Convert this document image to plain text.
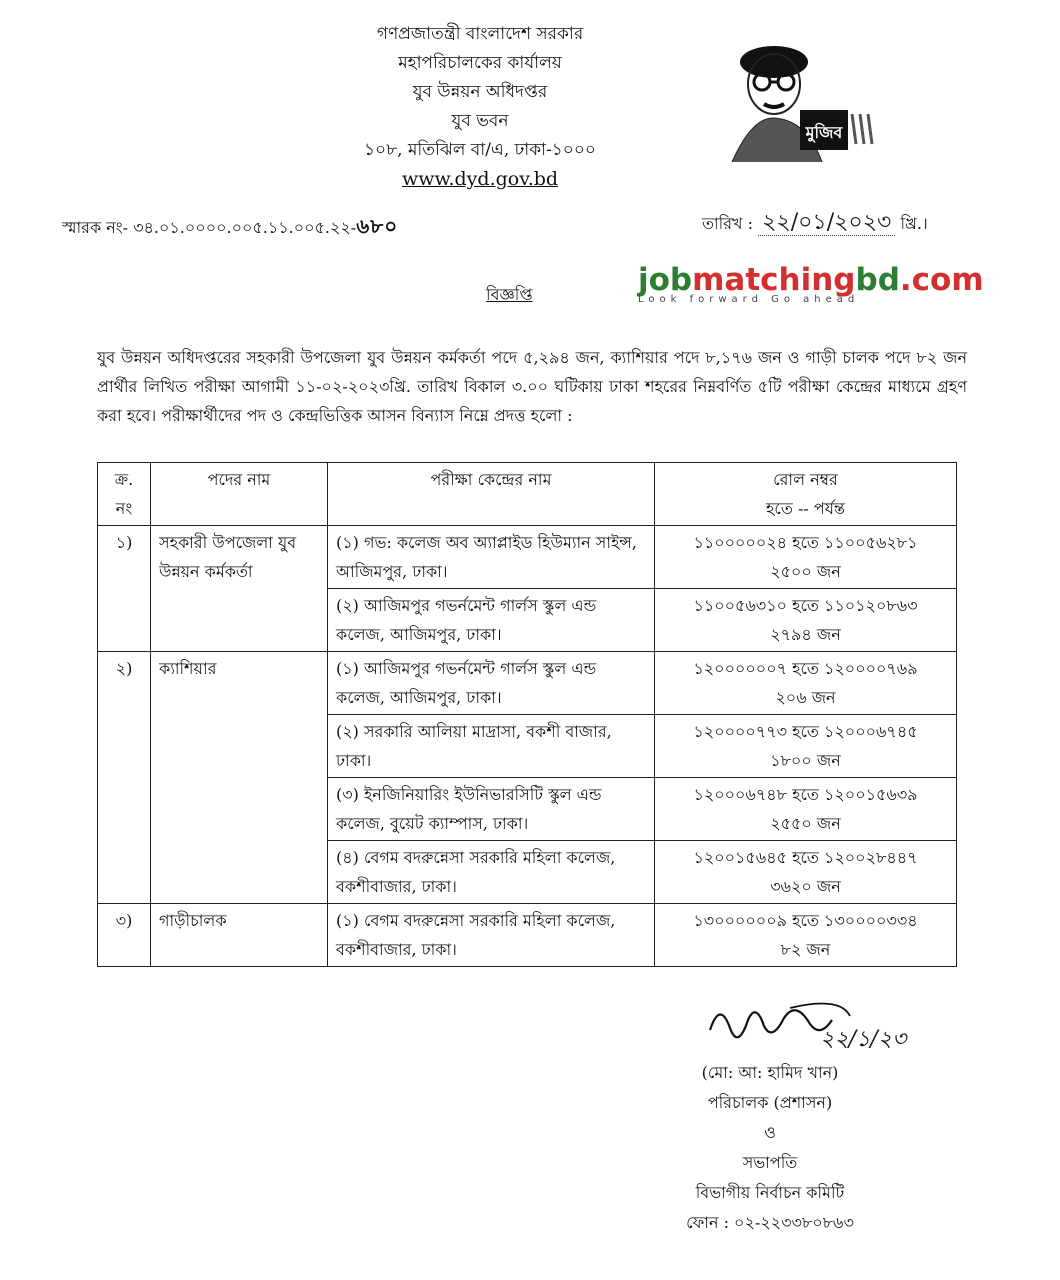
গণপ্রজাতন্ত্রী বাংলাদেশ সরকার
মহাপরিচালকের কার্যালয়
যুব উন্নয়ন অধিদপ্তর
যুব ভবন
১০৮, মতিঝিল বা/এ, ঢাকা-১০০০
www.dyd.gov.bd
মুজিব
স্মারক নং- ৩৪.০১.০০০০.০০৫.১১.০০৫.২২-৬৮০	তারিখ : ২২/০১/২০২৩ খ্রি.।
jobmatchingbd.com
Look forward Go ahead
বিজ্ঞপ্তি
যুব উন্নয়ন অধিদপ্তরের সহকারী উপজেলা যুব উন্নয়ন কর্মকর্তা পদে ৫,২৯৪ জন, ক্যাশিয়ার পদে ৮,১৭৬ জন ও গাড়ী চালক পদে ৮২ জন প্রার্থীর লিখিত পরীক্ষা আগামী ১১-০২-২০২৩খ্রি. তারিখ বিকাল ৩.০০ ঘটিকায় ঢাকা শহরের নিম্নবর্ণিত ৫টি পরীক্ষা কেন্দ্রের মাধ্যমে গ্রহণ করা হবে। পরীক্ষার্থীদের পদ ও কেন্দ্রভিত্তিক আসন বিন্যাস নিম্নে প্রদত্ত হলো :
ক্র. নং	পদের নাম	পরীক্ষা কেন্দ্রের নাম	রোল নম্বর
হতে -- পর্যন্ত

১)	সহকারী উপজেলা যুব উন্নয়ন কর্মকর্তা	(১) গভ: কলেজ অব অ্যাপ্লাইড হিউম্যান সাইন্স, আজিমপুর, ঢাকা।	১১০০০০০২৪ হতে ১১০০৫৬২৮১
২৫০০ জন

		(২) আজিমপুর গভর্নমেন্ট গার্লস স্কুল এন্ড কলেজ, আজিমপুর, ঢাকা।	১১০০৫৬৩১০ হতে ১১০১২০৮৬৩
২৭৯৪ জন

২)	ক্যাশিয়ার	(১) আজিমপুর গভর্নমেন্ট গার্লস স্কুল এন্ড কলেজ, আজিমপুর, ঢাকা।	১২০০০০০০৭ হতে ১২০০০০৭৬৯
২০৬ জন

		(২) সরকারি আলিয়া মাদ্রাসা, বকশী বাজার, ঢাকা।	১২০০০০৭৭৩ হতে ১২০০০৬৭৪৫
১৮০০ জন

		(৩) ইনজিনিয়ারিং ইউনিভারসিটি স্কুল এন্ড কলেজ, বুয়েট ক্যাম্পাস, ঢাকা।	১২০০০৬৭৪৮ হতে ১২০০১৫৬৩৯
২৫৫০ জন

		(৪) বেগম বদরুন্নেসা সরকারি মহিলা কলেজ, বকশীবাজার, ঢাকা।	১২০০১৫৬৪৫ হতে ১২০০২৮৪৪৭
৩৬২০ জন

৩)	গাড়ীচালক	(১) বেগম বদরুন্নেসা সরকারি মহিলা কলেজ, বকশীবাজার, ঢাকা।	১৩০০০০০০৯ হতে ১৩০০০০৩৩৪
৮২ জন
২২/১/২৩
(মো: আ: হামিদ খান)
পরিচালক (প্রশাসন)
ও
সভাপতি
বিভাগীয় নির্বাচন কমিটি
ফোন : ০২-২২৩৩৮০৮৬৩
